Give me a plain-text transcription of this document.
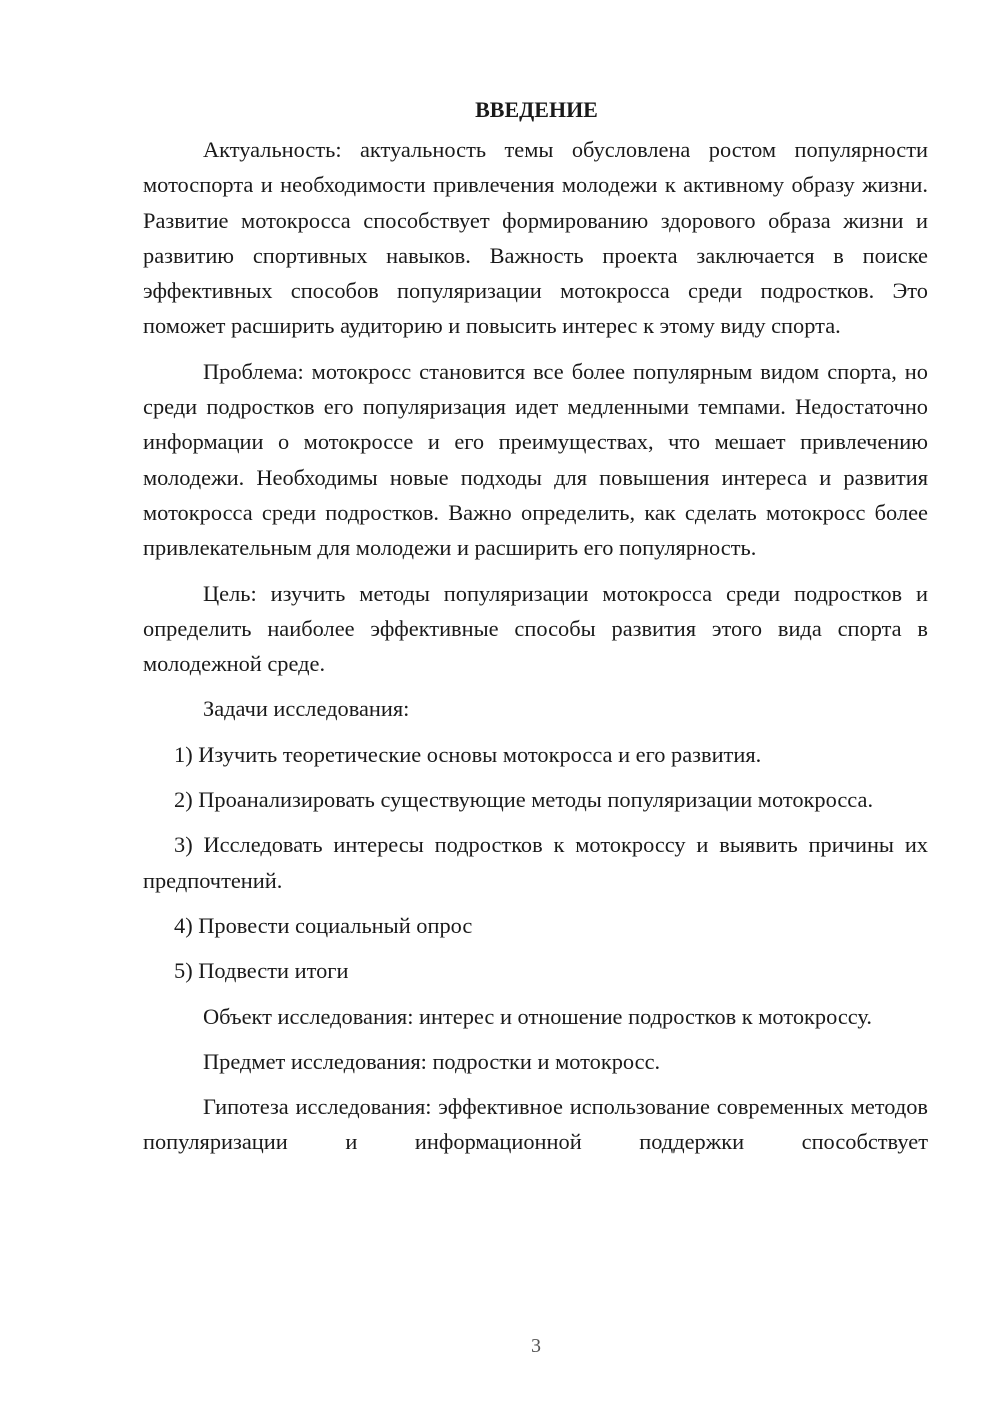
ВВЕДЕНИЕ

Актуальность: актуальность темы обусловлена ростом популярности мотоспорта и необходимости привлечения молодежи к активному образу жизни. Развитие мотокросса способствует формированию здорового образа жизни и развитию спортивных навыков. Важность проекта заключается в поиске эффективных способов популяризации мотокросса среди подростков. Это поможет расширить аудиторию и повысить интерес к этому виду спорта.

Проблема: мотокросс становится все более популярным видом спорта, но среди подростков его популяризация идет медленными темпами. Недостаточно информации о мотокроссе и его преимуществах, что мешает привлечению молодежи. Необходимы новые подходы для повышения интереса и развития мотокросса среди подростков. Важно определить, как сделать мотокросс более привлекательным для молодежи и расширить его популярность.

Цель: изучить методы популяризации мотокросса среди подростков и определить наиболее эффективные способы развития этого вида спорта в молодежной среде.

Задачи исследования:

1) Изучить теоретические основы мотокросса и его развития.

2) Проанализировать существующие методы популяризации мотокросса.

3) Исследовать интересы подростков к мотокроссу и выявить причины их предпочтений.

4) Провести социальный опрос

5) Подвести итоги

Объект исследования: интерес и отношение подростков к мотокроссу.

Предмет исследования: подростки и мотокросс.

Гипотеза исследования: эффективное использование современных методов популяризации и информационной поддержки способствует

3
